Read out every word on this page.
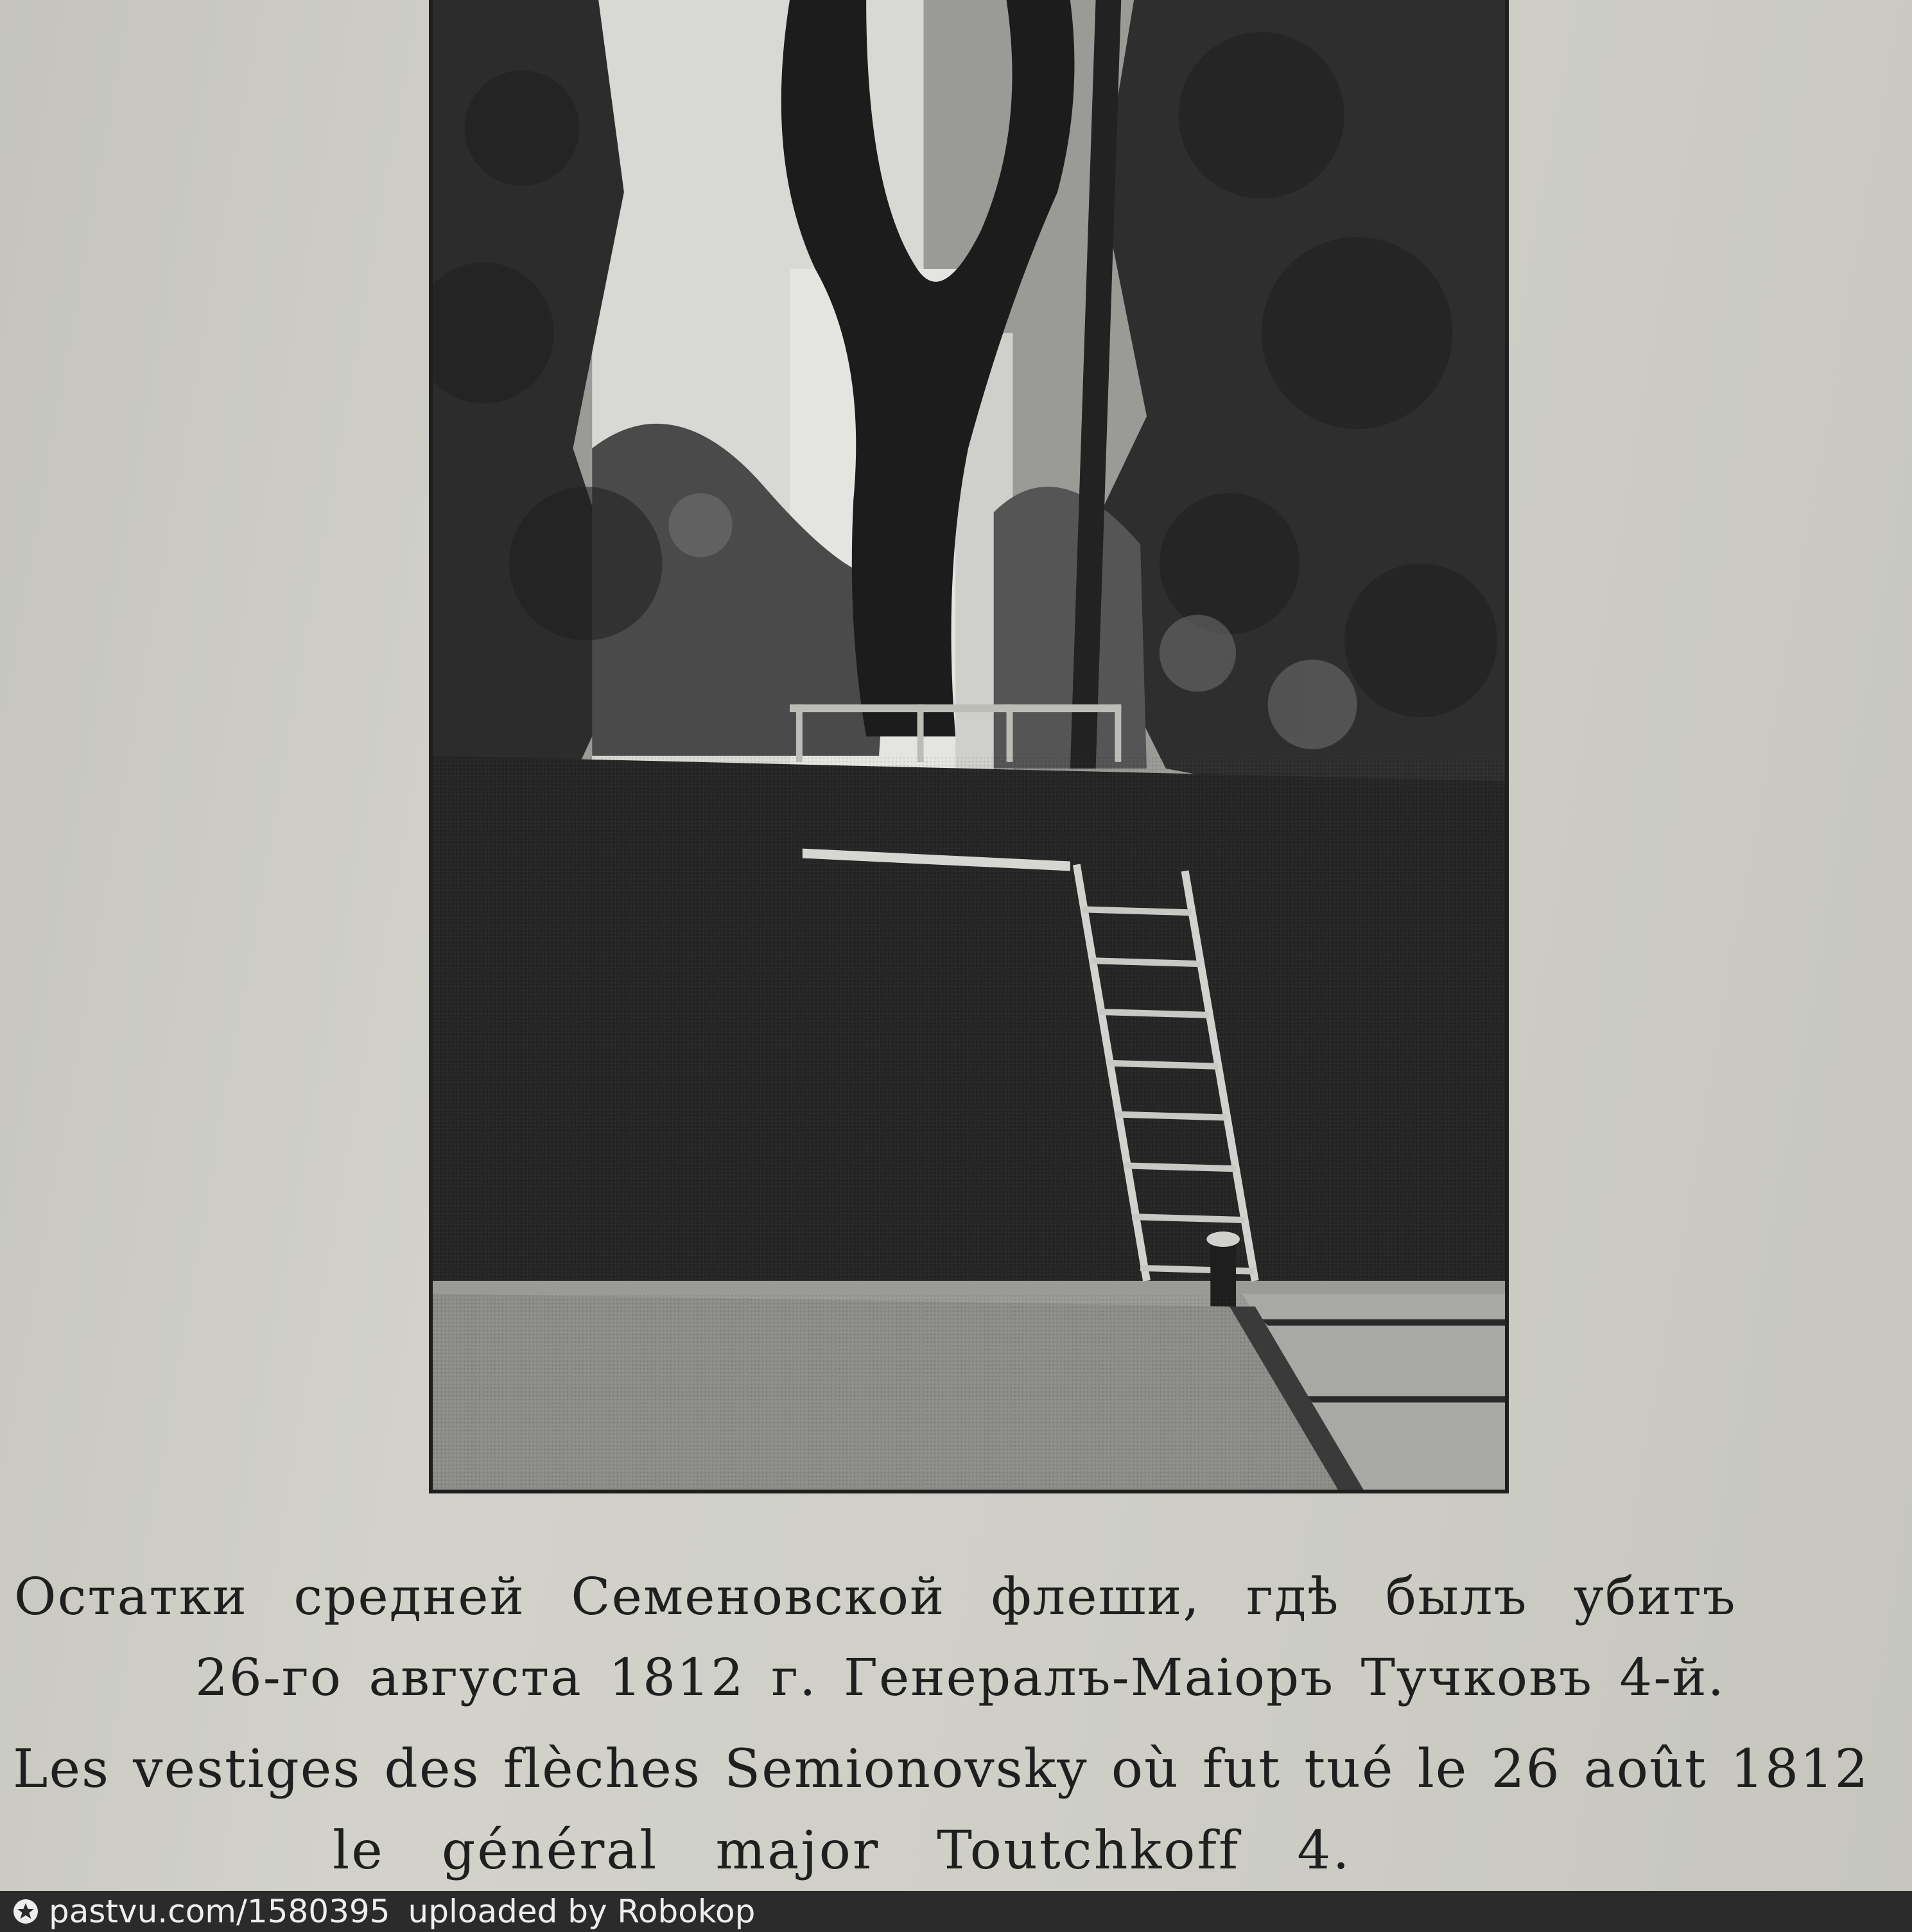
Остатки средней Семеновской флеши, гдѣ былъ убитъ
26-го августа 1812 г. Генералъ-Маiоръ Тучковъ 4-й.
Les vestiges des flèches Semionovsky où fut tué le 26 août 1812
le général major Toutchkoff 4.
pastvu.com/1580395 uploaded by Robokop
